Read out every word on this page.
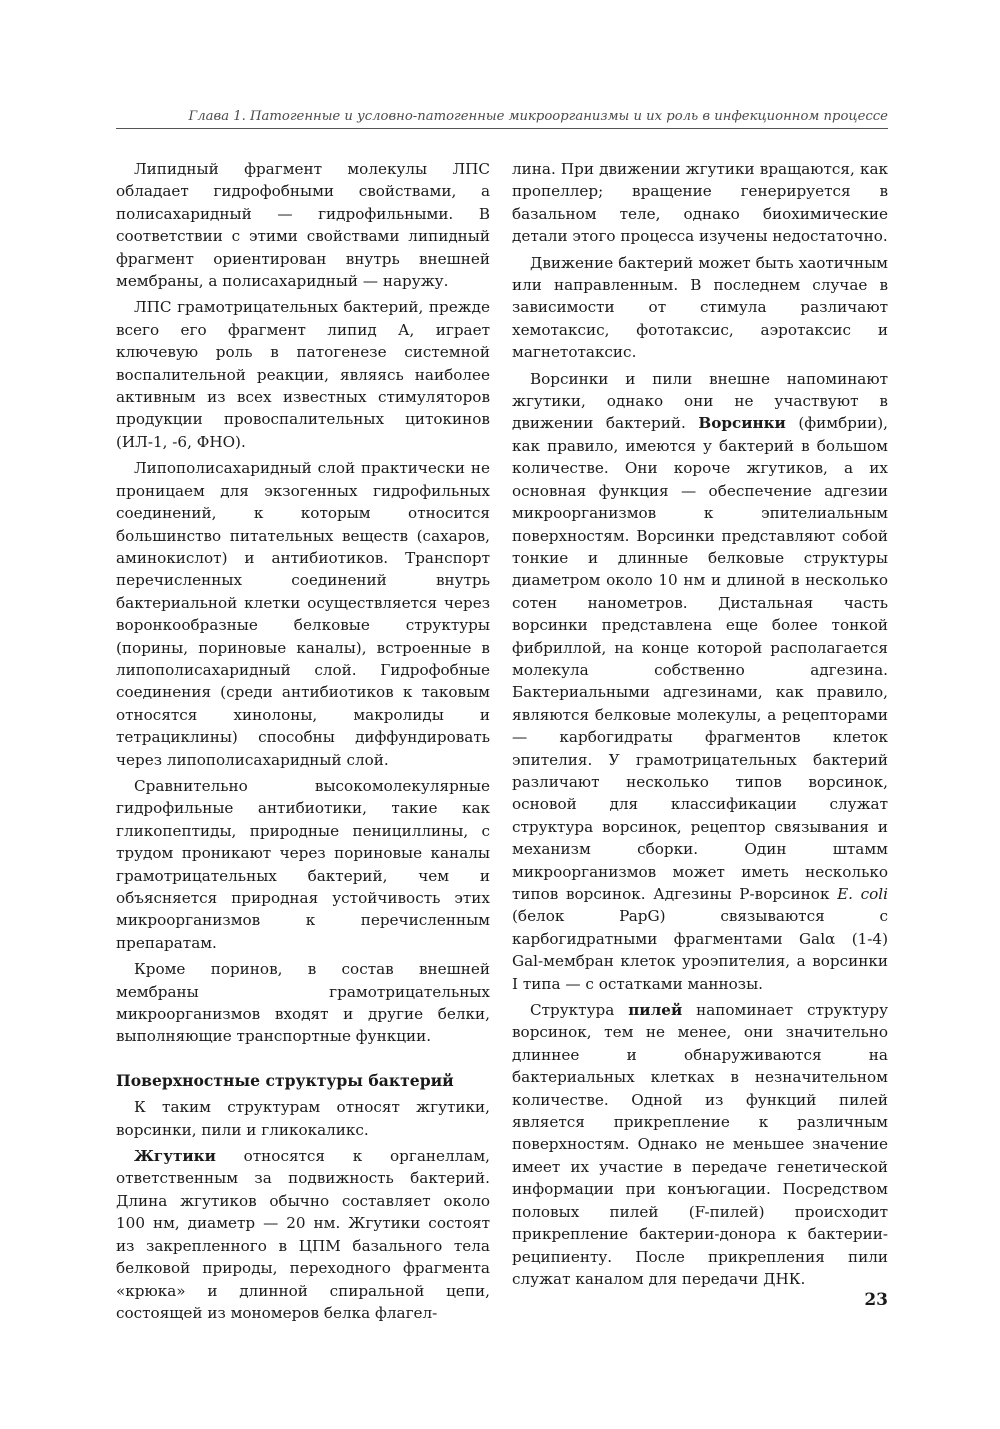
Глава 1. Патогенные и условно-патогенные микроорганизмы и их роль в инфекционном процессе

Липидный фрагмент молекулы ЛПС обладает гидрофобными свойствами, а полисахаридный — гидрофильными. В соответствии с этими свойствами липидный фрагмент ориентирован внутрь внешней мембраны, а полисахаридный — наружу.

ЛПС грамотрицательных бактерий, прежде всего его фрагмент липид А, играет ключевую роль в патогенезе системной воспалительной реакции, являясь наиболее активным из всех известных стимуляторов продукции провоспалительных цитокинов (ИЛ-1, -6, ФНО).

Липополисахаридный слой практически не проницаем для экзогенных гидрофильных соединений, к которым относится большинство питательных веществ (сахаров, аминокислот) и антибиотиков. Транспорт перечисленных соединений внутрь бактериальной клетки осуществляется через воронкообразные белковые структуры (порины, пориновые каналы), встроенные в липополисахаридный слой. Гидрофобные соединения (среди антибиотиков к таковым относятся хинолоны, макролиды и тетрациклины) способны диффундировать через липополисахаридный слой.

Сравнительно высокомолекулярные гидрофильные антибиотики, такие как гликопептиды, природные пенициллины, с трудом проникают через пориновые каналы грамотрицательных бактерий, чем и объясняется природная устойчивость этих микроорганизмов к перечисленным препаратам.

Кроме поринов, в состав внешней мембраны грамотрицательных микроорганизмов входят и другие белки, выполняющие транспортные функции.

Поверхностные структуры бактерий

К таким структурам относят жгутики, ворсинки, пили и гликокаликс.

Жгутики относятся к органеллам, ответственным за подвижность бактерий. Длина жгутиков обычно составляет около 100 нм, диаметр — 20 нм. Жгутики состоят из закрепленного в ЦПМ базального тела белковой природы, переходного фрагмента «крюка» и длинной спиральной цепи, состоящей из мономеров белка флагел-

лина. При движении жгутики вращаются, как пропеллер; вращение генерируется в базальном теле, однако биохимические детали этого процесса изучены недостаточно.

Движение бактерий может быть хаотичным или направленным. В последнем случае в зависимости от стимула различают хемотаксис, фототаксис, аэротаксис и магнетотаксис.

Ворсинки и пили внешне напоминают жгутики, однако они не участвуют в движении бактерий. Ворсинки (фимбрии), как правило, имеются у бактерий в большом количестве. Они короче жгутиков, а их основная функция — обеспечение адгезии микроорганизмов к эпителиальным поверхностям. Ворсинки представляют собой тонкие и длинные белковые структуры диаметром около 10 нм и длиной в несколько сотен нанометров. Дистальная часть ворсинки представлена еще более тонкой фибриллой, на конце которой располагается молекула собственно адгезина. Бактериальными адгезинами, как правило, являются белковые молекулы, а рецепторами — карбогидраты фрагментов клеток эпителия. У грамотрицательных бактерий различают несколько типов ворсинок, основой для классификации служат структура ворсинок, рецептор связывания и механизм сборки. Один штамм микроорганизмов может иметь несколько типов ворсинок. Адгезины Р-ворсинок E. coli (белок PapG) связываются с карбогидратными фрагментами Galα (1-4) Gal-мембран клеток уроэпителия, а ворсинки I типа — с остатками маннозы.

Структура пилей напоминает структуру ворсинок, тем не менее, они значительно длиннее и обнаруживаются на бактериальных клетках в незначительном количестве. Одной из функций пилей является прикрепление к различным поверхностям. Однако не меньшее значение имеет их участие в передаче генетической информации при конъюгации. Посредством половых пилей (F-пилей) происходит прикрепление бактерии-донора к бактерии-реципиенту. После прикрепления пили служат каналом для передачи ДНК.

23
